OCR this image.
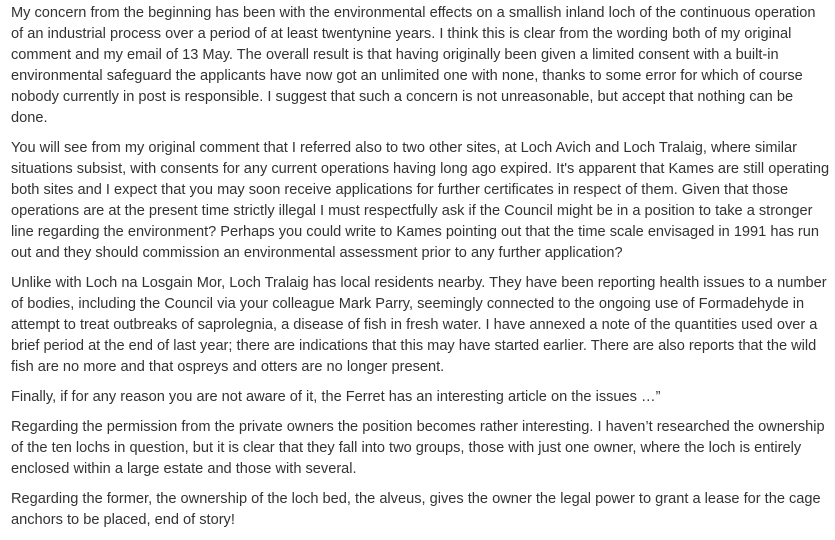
My concern from the beginning has been with the environmental effects on a smallish inland loch of the continuous operation of an industrial process over a period of at least twentynine years. I think this is clear from the wording both of my original comment and my email of 13 May. The overall result is that having originally been given a limited consent with a built-in environmental safeguard the applicants have now got an unlimited one with none, thanks to some error for which of course nobody currently in post is responsible. I suggest that such a concern is not unreasonable, but accept that nothing can be done.

You will see from my original comment that I referred also to two other sites, at Loch Avich and Loch Tralaig, where similar situations subsist, with consents for any current operations having long ago expired. It's apparent that Kames are still operating both sites and I expect that you may soon receive applications for further certificates in respect of them. Given that those operations are at the present time strictly illegal I must respectfully ask if the Council might be in a position to take a stronger line regarding the environment? Perhaps you could write to Kames pointing out that the time scale envisaged in 1991 has run out and they should commission an environmental assessment prior to any further application?

Unlike with Loch na Losgain Mor, Loch Tralaig has local residents nearby. They have been reporting health issues to a number of bodies, including the Council via your colleague Mark Parry, seemingly connected to the ongoing use of Formadehyde in attempt to treat outbreaks of saprolegnia, a disease of fish in fresh water. I have annexed a note of the quantities used over a brief period at the end of last year; there are indications that this may have started earlier. There are also reports that the wild fish are no more and that ospreys and otters are no longer present.

Finally, if for any reason you are not aware of it, the Ferret has an interesting article on the issues …”

Regarding the permission from the private owners the position becomes rather interesting. I haven’t researched the ownership of the ten lochs in question, but it is clear that they fall into two groups, those with just one owner, where the loch is entirely enclosed within a large estate and those with several.

Regarding the former, the ownership of the loch bed, the alveus, gives the owner the legal power to grant a lease for the cage anchors to be placed, end of story!
